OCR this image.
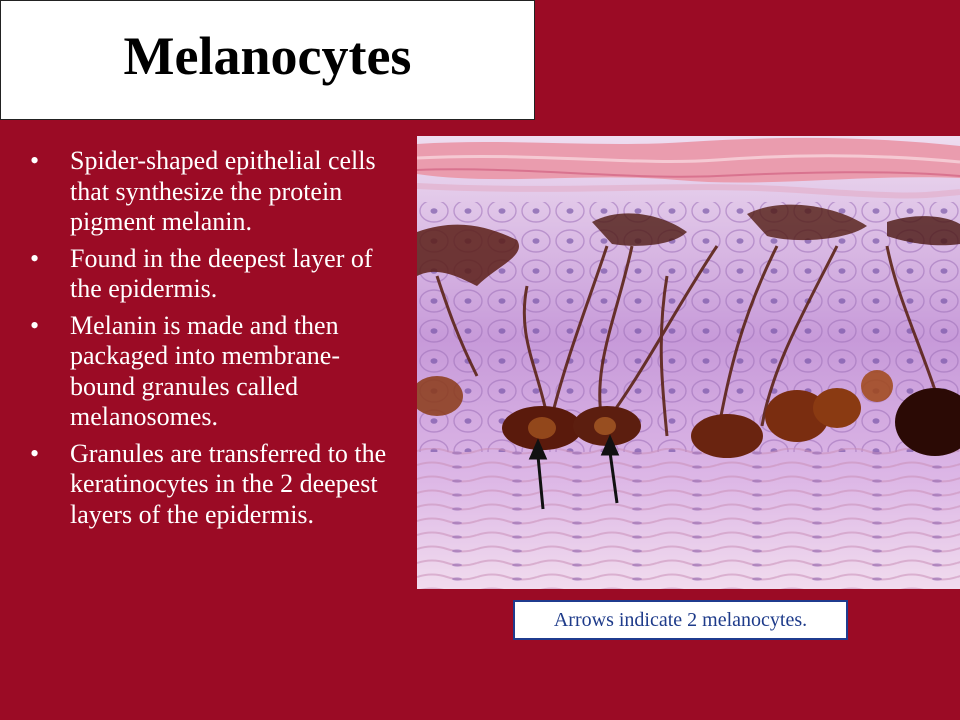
Melanocytes
• Spider-shaped epithelial cells that synthesize the protein pigment melanin.
• Found in the deepest layer of the epidermis.
• Melanin is made and then packaged into membrane-bound granules called melanosomes.
• Granules are transferred to the keratinocytes in the 2 deepest layers of the epidermis.
Arrows indicate 2 melanocytes.
